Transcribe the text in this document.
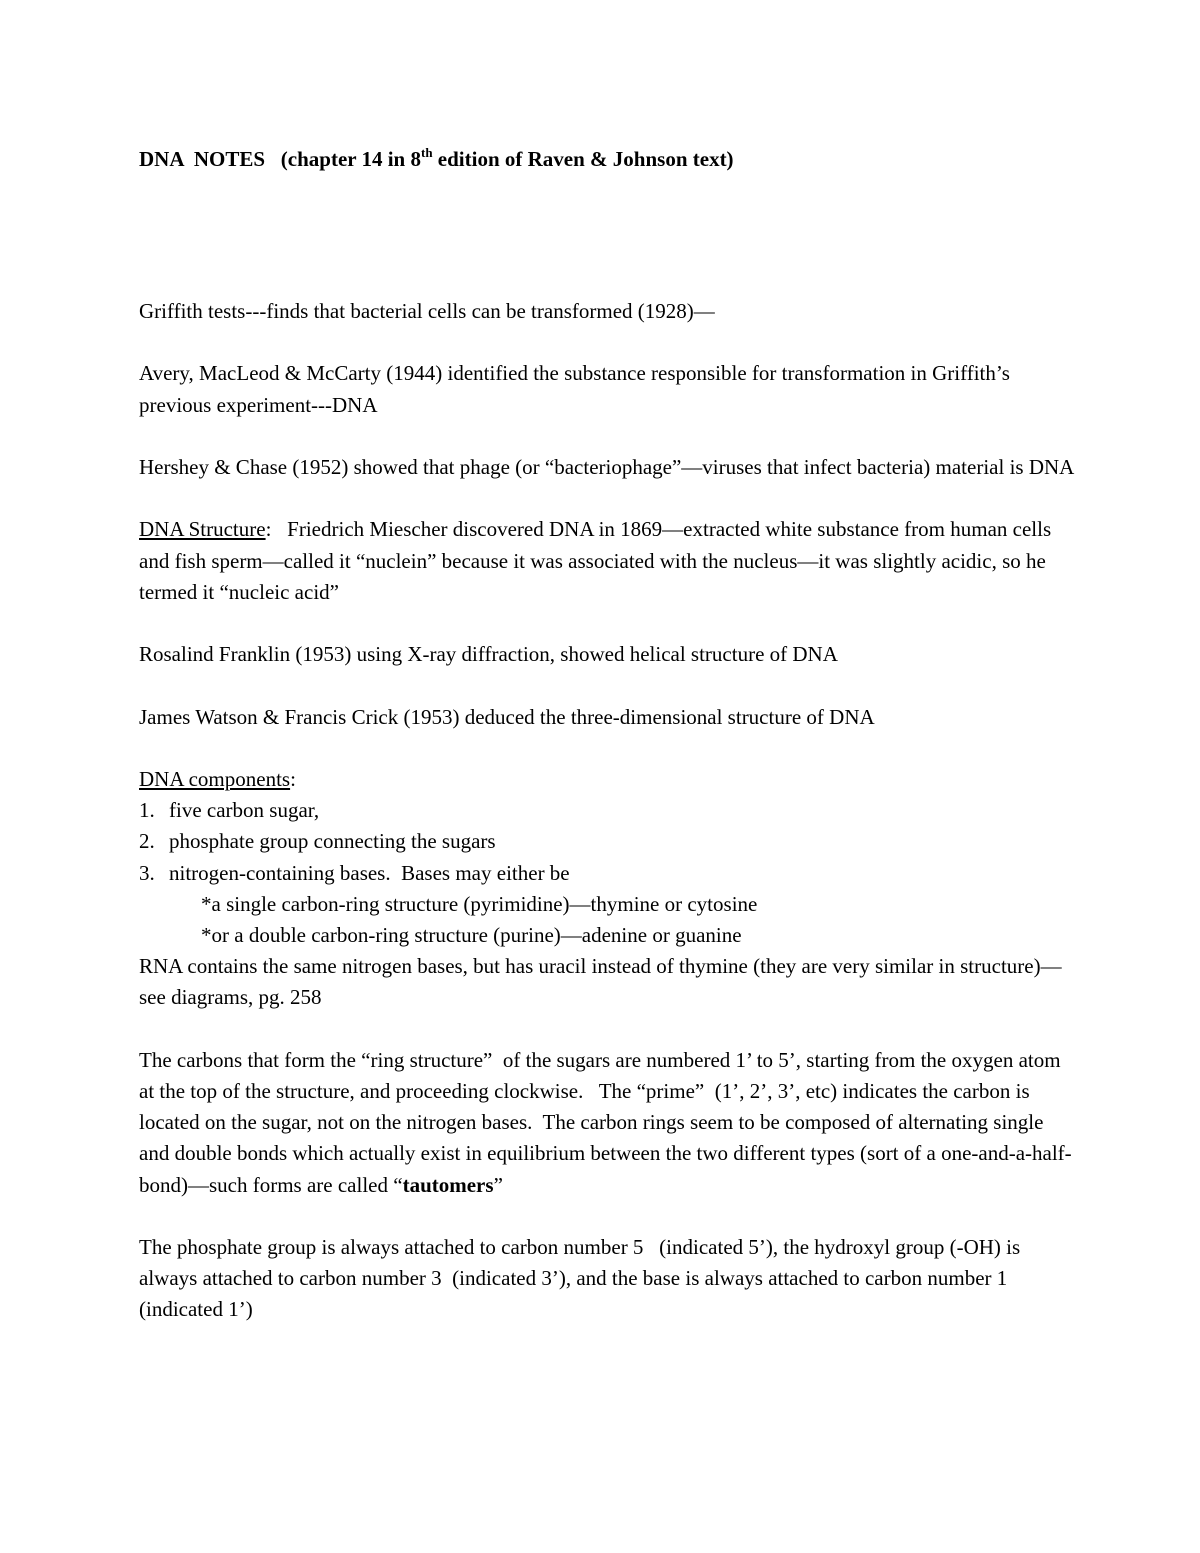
DNA  NOTES   (chapter 14 in 8th edition of Raven & Johnson text)

Griffith tests---finds that bacterial cells can be transformed (1928)—

Avery, MacLeod & McCarty (1944) identified the substance responsible for transformation in Griffith’s previous experiment---DNA

Hershey & Chase (1952) showed that phage (or “bacteriophage”—viruses that infect bacteria) material is DNA

DNA Structure:   Friedrich Miescher discovered DNA in 1869—extracted white substance from human cells and fish sperm—called it “nuclein” because it was associated with the nucleus—it was slightly acidic, so he termed it “nucleic acid”

Rosalind Franklin (1953) using X-ray diffraction, showed helical structure of DNA

James Watson & Francis Crick (1953) deduced the three-dimensional structure of DNA

DNA components:

1. five carbon sugar,
2. phosphate group connecting the sugars
3. nitrogen-containing bases.  Bases may either be
*a single carbon-ring structure (pyrimidine)—thymine or cytosine
*or a double carbon-ring structure (purine)—adenine or guanine

RNA contains the same nitrogen bases, but has uracil instead of thymine (they are very similar in structure)—see diagrams, pg. 258

The carbons that form the “ring structure”  of the sugars are numbered 1’ to 5’, starting from the oxygen atom at the top of the structure, and proceeding clockwise.   The “prime”  (1’, 2’, 3’, etc) indicates the carbon is located on the sugar, not on the nitrogen bases.  The carbon rings seem to be composed of alternating single and double bonds which actually exist in equilibrium between the two different types (sort of a one-and-a-half-bond)—such forms are called “tautomers”

The phosphate group is always attached to carbon number 5   (indicated 5’), the hydroxyl group (-OH) is always attached to carbon number 3  (indicated 3’), and the base is always attached to carbon number 1 (indicated 1’)
